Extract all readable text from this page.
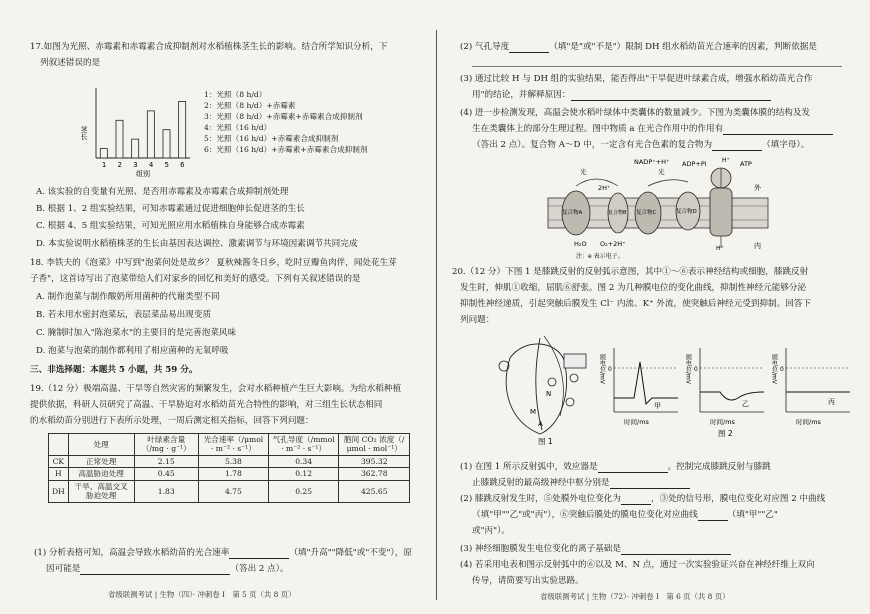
17.如图为光照、赤霉素和赤霉素合成抑制剂对水稻植株茎生长的影响。结合所学知识分析，下
列叙述错误的是
1 2 3 4 5 6
茎长
组别
1：光照（8 h/d）
2：光照（8 h/d）+赤霉素
3：光照（8 h/d）+赤霉素+赤霉素合成抑制剂
4：光照（16 h/d）
5：光照（16 h/d）+赤霉素合成抑制剂
6：光照（16 h/d）+赤霉素+赤霉素合成抑制剂
A. 该实验的自变量有光照、是否用赤霉素及赤霉素合成抑制剂处理
B. 根据 1、2 组实验结果，可知赤霉素通过促进细胞伸长促进茎的生长
C. 根据 4、5 组实验结果，可知光照应用水稻植株自身能够合成赤霉素
D. 本实验说明水稻植株茎的生长由基因表达调控、激素调节与环境因素调节共同完成
18. 李铁夫的《泡菜》中写到"泡菜何处是故乡？ 夏秋辣酱冬日乡，吃时豆瓣鱼肉伴，闻处花生芽
子香"，这首诗写出了泡菜带给人们对家乡的回忆和美好的感受。下列有关叙述错误的是
A. 制作泡菜与制作酸奶所用菌种的代谢类型不同
B. 若未用水密封泡菜坛，表层菜品易出现变质
C. 腌制时加入"陈泡菜水"的主要目的是完善泡菜风味
D. 泡菜与泡菜的制作都利用了相应菌种的无氧呼吸
三、非选择题：本题共 5 小题，共 59 分。
19.（12 分）极端高温、干旱等自然灾害的频繁发生，会对水稻种植产生巨大影响。为给水稻种植
提供依据，科研人员研究了高温、干旱胁迫对水稻幼苗光合特性的影响，对三组生长状态相同
的水稻幼苗分别进行下表所示处理，一周后测定相关指标，回答下列问题：
	处理	叶绿素含量（/mg · g⁻¹）	光合速率（/μmol · m⁻² · s⁻¹）	气孔导度（/mmol · m⁻² · s⁻¹）	胞间 CO₂ 浓度（/μmol · mol⁻¹）
CK	正常处理	2.15	5.38	0.34	395.32
H	高温胁迫处理	0.45	1.78	0.12	362.78
DH	干旱、高温交叉胁迫处理	1.83	4.75	0.25	425.65
(1) 分析表格可知，高温会导致水稻幼苗的光合速率	（填"升高""降低"或"不变"），原
因可能是	（答出 2 点）。
省级联测考试 | 生物（四）· 冲刺卷 Ⅰ　第 5 页（共 8 页）
(2) 气孔导度	（填"是"或"不是"）限制 DH 组水稻幼苗光合速率的因素，判断依据是
(3) 通过比较 H 与 DH 组的实验结果，能否得出"干旱促进叶绿素合成，增强水稻幼苗光合作
用"的结论，并解释原因：
(4) 进一步检测发现，高温会使水稻叶绿体中类囊体的数量减少。下图为类囊体膜的结构及发
生在类囊体上的部分生理过程。图中物质 a 在光合作用中的作用有
（答出 2 点）。复合物 A～D 中，一定含有光合色素的复合物为	（填字母）。
复合物A	复合物B 复合物C	复合物D
光	光
NADP⁺+H⁺ ADP+Pi	ATP
2H⁺
H⁺
H⁺
H₂O O₂+2H⁺
外
内
注：e 表示电子。
20.（12 分）下图 1 是膝跳反射的反射弧示意图，其中①～⑥表示神经结构或细胞，膝跳反射
发生时，伸肌①收缩，屈肌⑥舒张。图 2 为几种膜电位的变化曲线，抑制性神经元能够分泌
抑制性神经递质，引起突触后膜发生 Cl⁻ 内流、K⁺ 外流，使突触后神经元受到抑制。回答下
列问题：
N
M
A
图 1
膜电位/mV 0
甲
时间/ms
膜电位/mV 0
乙
时间/ms
膜电位/mV 0
丙
时间/ms
图 2
(1) 在图 1 所示反射弧中，效应器是	。控制完成膝跳反射与膝跳
止膝跳反射的最高级神经中枢分别是
(2) 膝跳反射发生时，⑤处膜外电位变化为	，③处的信号形，膜电位变化对应图 2 中曲线
（填"甲""乙"或"丙"），⑥突触后膜处的膜电位变化对应曲线	（填"甲""乙"
或"丙"）。
(3) 神经细胞膜发生电位变化的离子基础是
(4) 若采用电表和图示反射弧中的⑥以及 M、N 点，通过一次实验验证兴奋在神经纤维上双向
传导，请简要写出实验思路。
省级联测考试 | 生物（72）· 冲刺卷 Ⅰ　第 6 页（共 8 页）
